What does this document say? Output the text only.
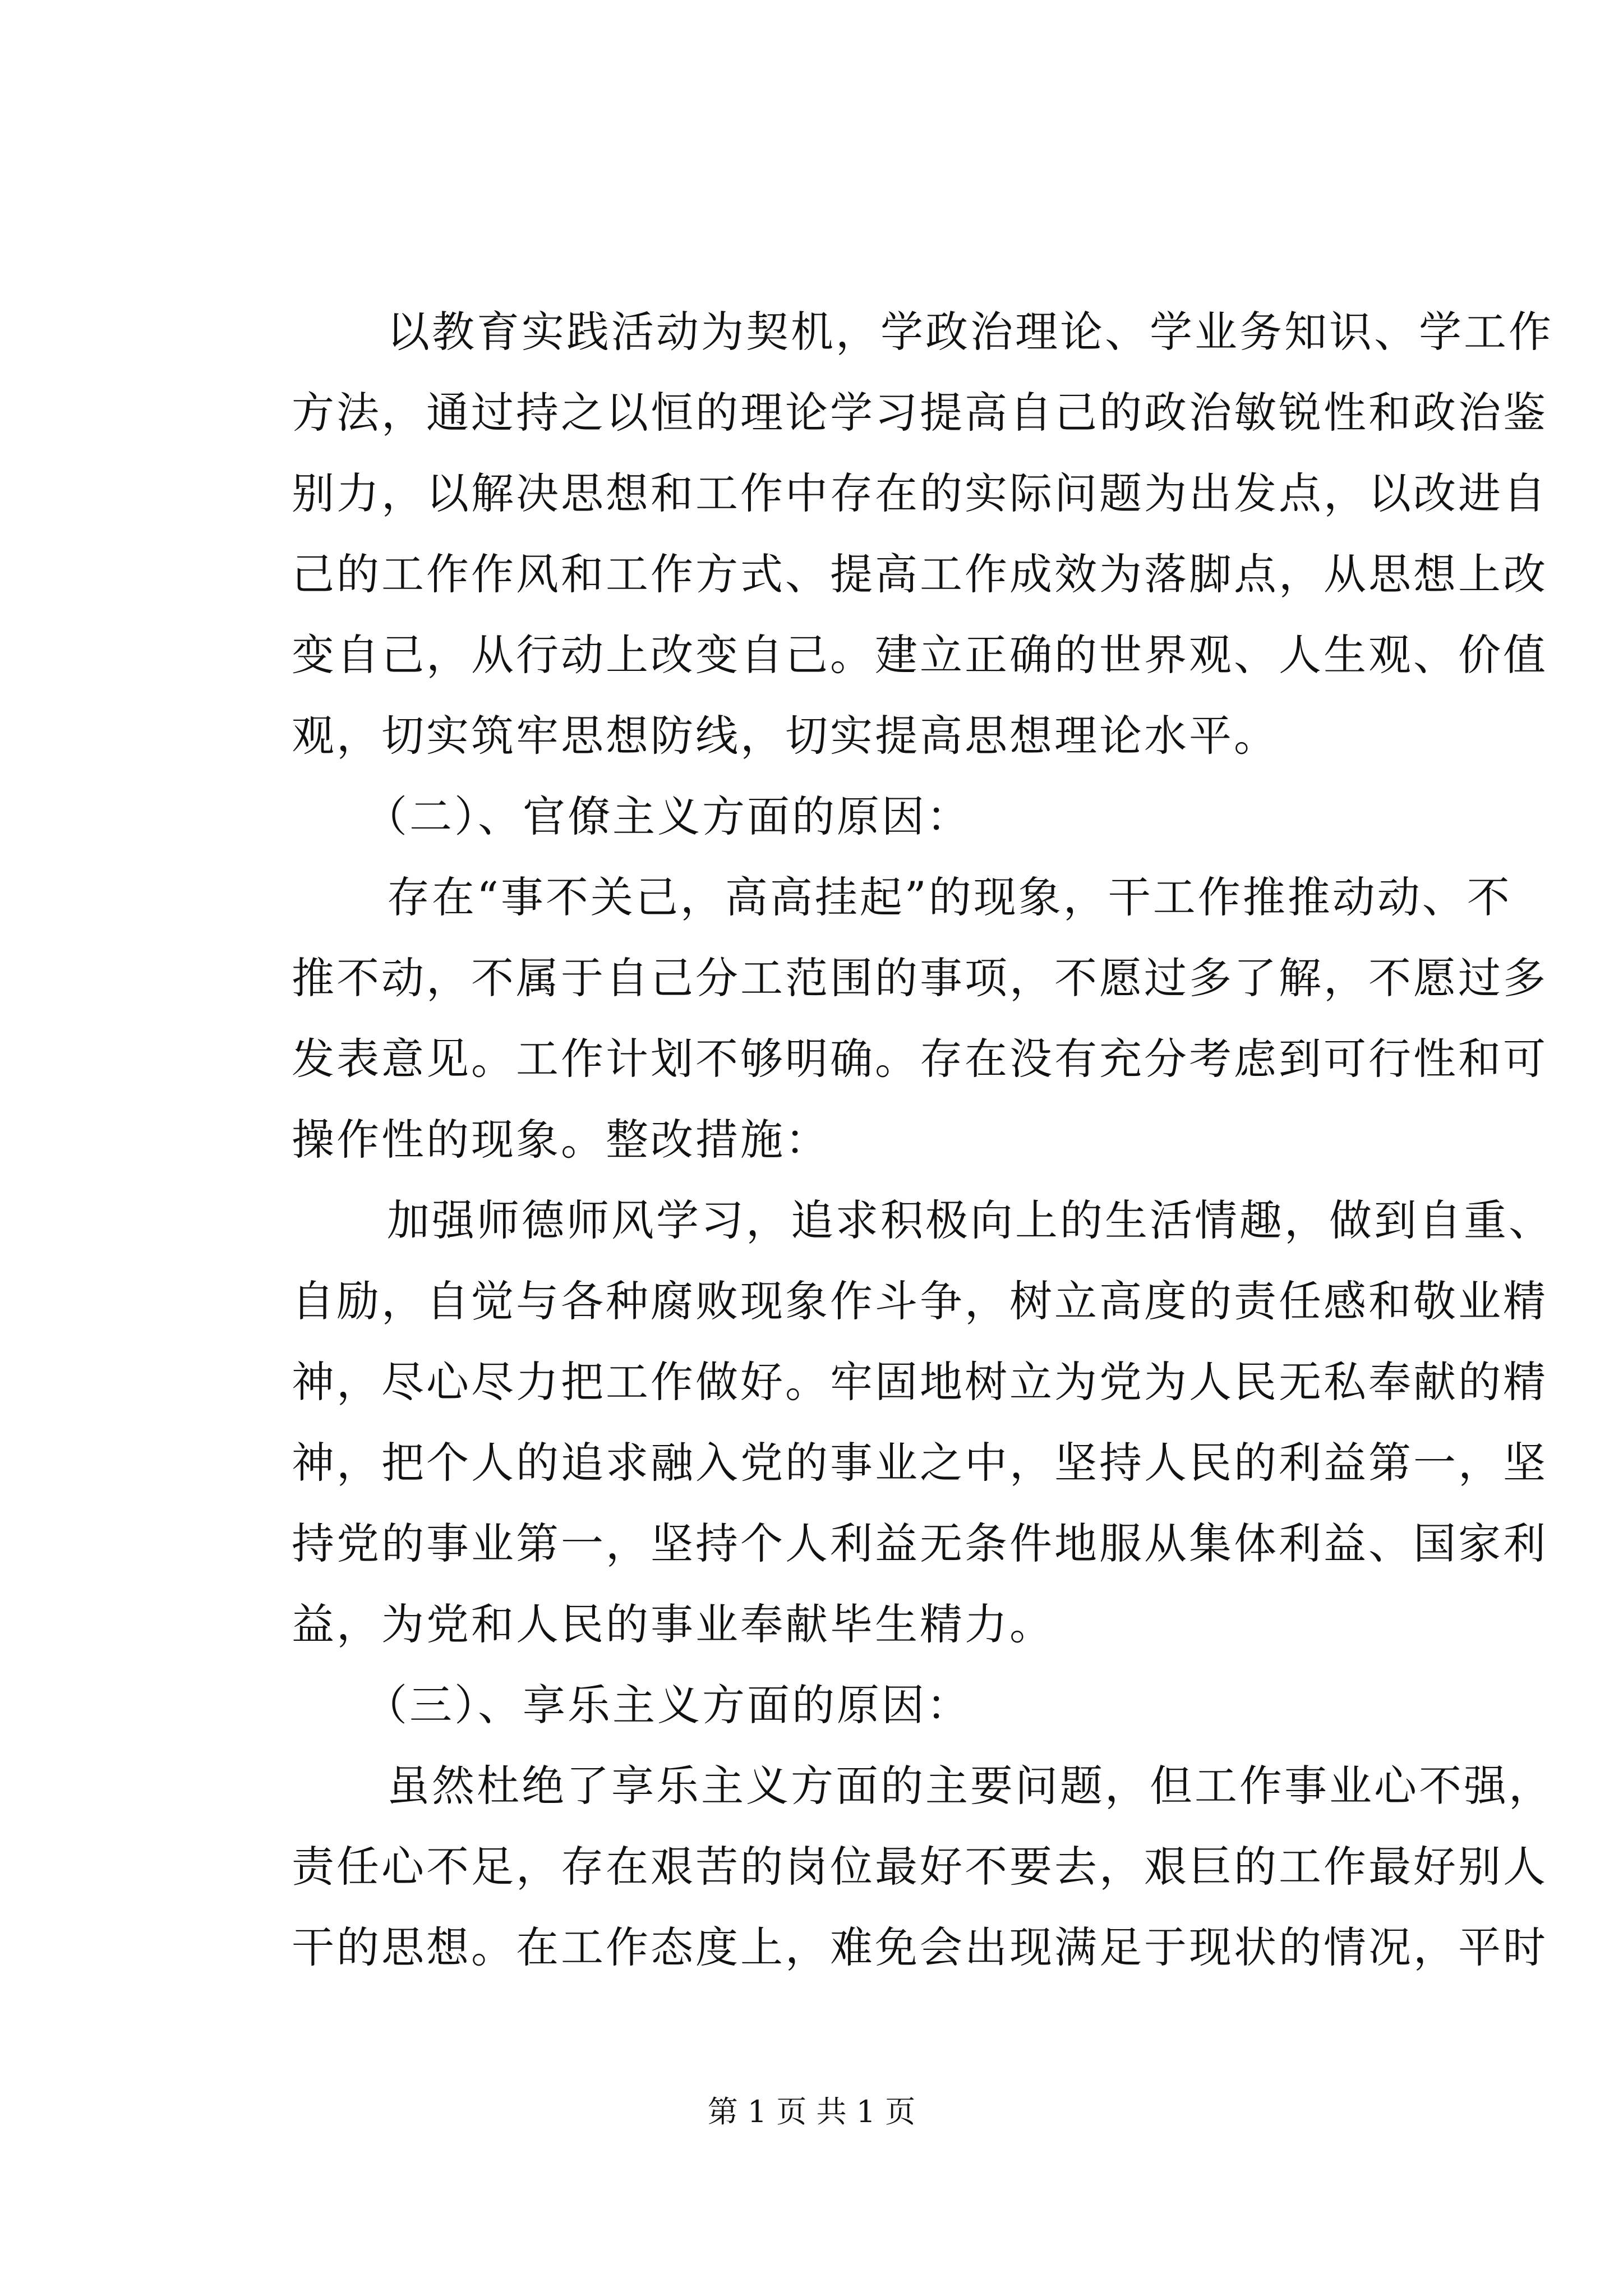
以教育实践活动为契机，学政治理论、学业务知识、学工作
方法，通过持之以恒的理论学习提高自己的政治敏锐性和政治鉴
别力，以解决思想和工作中存在的实际问题为出发点，以改进自
己的工作作风和工作方式、提高工作成效为落脚点，从思想上改
变自己，从行动上改变自己。建立正确的世界观、人生观、价值
观，切实筑牢思想防线，切实提高思想理论水平。
（二）、官僚主义方面的原因：
存在“事不关己，高高挂起”的现象，干工作推推动动、不
推不动，不属于自己分工范围的事项，不愿过多了解，不愿过多
发表意见。工作计划不够明确。存在没有充分考虑到可行性和可
操作性的现象。整改措施：
加强师德师风学习，追求积极向上的生活情趣，做到自重、
自励，自觉与各种腐败现象作斗争，树立高度的责任感和敬业精
神，尽心尽力把工作做好。牢固地树立为党为人民无私奉献的精
神，把个人的追求融入党的事业之中，坚持人民的利益第一，坚
持党的事业第一，坚持个人利益无条件地服从集体利益、国家利
益，为党和人民的事业奉献毕生精力。
（三）、享乐主义方面的原因：
虽然杜绝了享乐主义方面的主要问题，但工作事业心不强，
责任心不足，存在艰苦的岗位最好不要去，艰巨的工作最好别人
干的思想。在工作态度上，难免会出现满足于现状的情况，平时
第 1 页 共 1 页
